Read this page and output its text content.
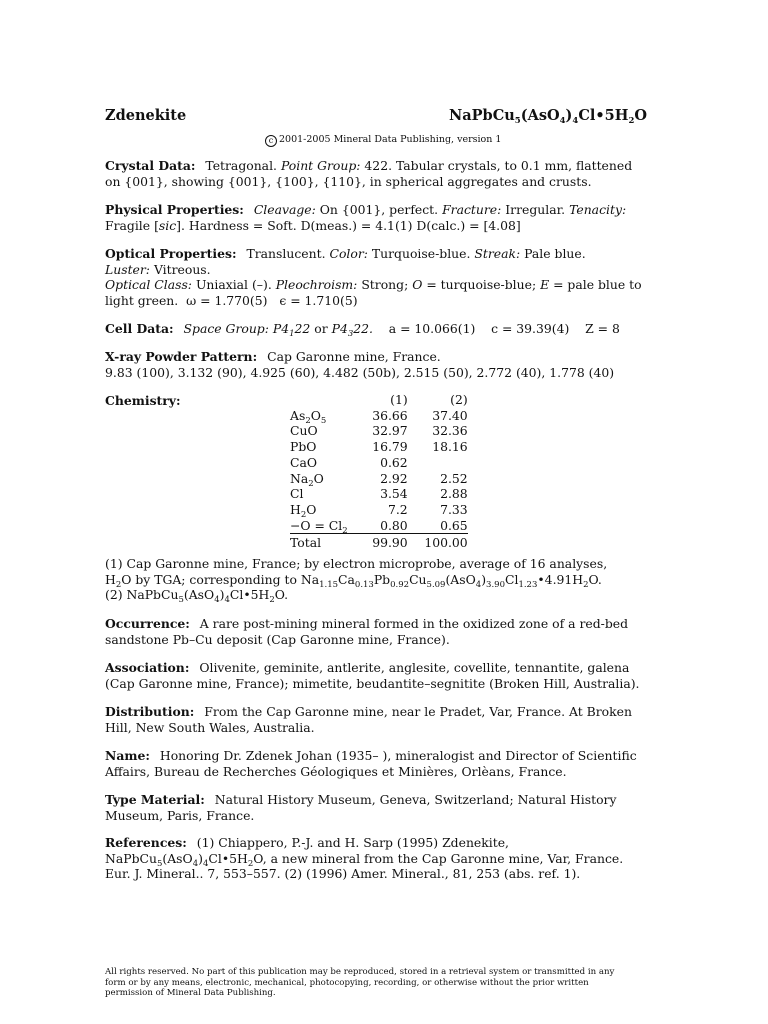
Zdenekite	$NaPbCu_5(AsO_4)_4Cl•5H_2O$
c 2001-2005 Mineral Data Publishing, version 1
Crystal Data: Tetragonal. Point Group: 422. Tabular crystals, to 0.1 mm, flattened on {001}, showing {001}, {100}, {110}, in spherical aggregates and crusts.
Physical Properties: Cleavage: On {001}, perfect. Fracture: Irregular. Tenacity: Fragile [sic]. Hardness = Soft. D(meas.) = 4.1(1) D(calc.) = [4.08]
Optical Properties: Translucent. Color: Turquoise-blue. Streak: Pale blue.
Luster: Vitreous.
Optical Class: Uniaxial (–). Pleochroism: Strong; O = turquoise-blue; E = pale blue to light green. ω = 1.770(5) ϵ = 1.710(5)
Cell Data: Space Group: $P4_122$ or $P4_322$. a = 10.066(1) c = 39.39(4) Z = 8
X-ray Powder Pattern: Cap Garonne mine, France.
9.83 (100), 3.132 (90), 4.925 (60), 4.482 (50b), 2.515 (50), 2.772 (40), 1.778 (40)
Chemistry:
		(1)	(2)
$As_2O_5$	36.66	37.40
CuO	32.97	32.36
PbO	16.79	18.16
CaO	0.62	
$Na_2O$	2.92	2.52
Cl	3.54	2.88
$H_2O$	7.2	7.33
$-O = Cl_2$	0.80	0.65
Total	99.90	100.00
(1) Cap Garonne mine, France; by electron microprobe, average of 16 analyses,
$H_2O$ by TGA; corresponding to $Na_{1.15}Ca_{0.13}Pb_{0.92}Cu_{5.09}(AsO_4)_{3.90}Cl_{1.23}•4.91H_2O$.
(2) $NaPbCu_5(AsO_4)_4Cl•5H_2O$.
Occurrence: A rare post-mining mineral formed in the oxidized zone of a red-bed sandstone Pb–Cu deposit (Cap Garonne mine, France).
Association: Olivenite, geminite, antlerite, anglesite, covellite, tennantite, galena (Cap Garonne mine, France); mimetite, beudantite–segnitite (Broken Hill, Australia).
Distribution: From the Cap Garonne mine, near le Pradet, Var, France. At Broken Hill, New South Wales, Australia.
Name: Honoring Dr. Zdenek Johan (1935– ), mineralogist and Director of Scientific Affairs, Bureau de Recherches Géologiques et Minières, Orlèans, France.
Type Material: Natural History Museum, Geneva, Switzerland; Natural History Museum, Paris, France.
References: (1) Chiappero, P.-J. and H. Sarp (1995) Zdenekite, $NaPbCu_5(AsO_4)_4Cl•5H_2O$, a new mineral from the Cap Garonne mine, Var, France. Eur. J. Mineral.. 7, 553–557. (2) (1996) Amer. Mineral., 81, 253 (abs. ref. 1).
All rights reserved. No part of this publication may be reproduced, stored in a retrieval system or transmitted in any form or by any means, electronic, mechanical, photocopying, recording, or otherwise without the prior written permission of Mineral Data Publishing.
